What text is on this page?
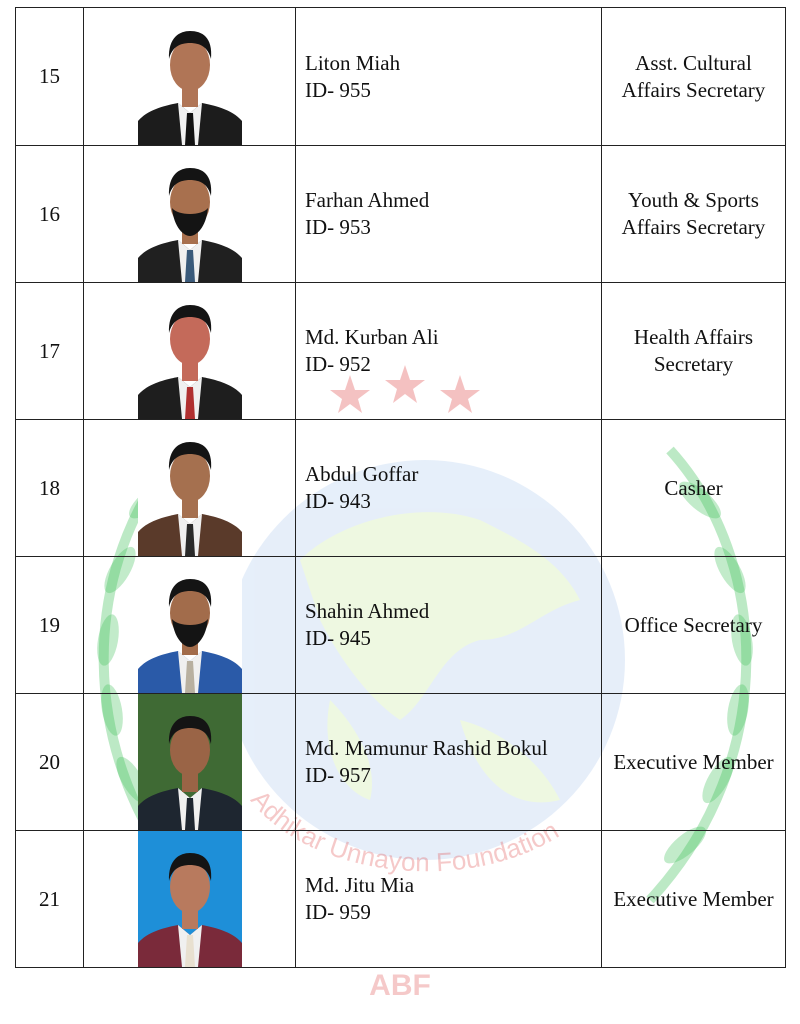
Adhikar Unnayon Foundation
ABF
15		Liton Miah
ID- 955	Asst. Cultural Affairs Secretary
16		Farhan Ahmed
ID- 953	Youth & Sports Affairs Secretary
17		Md. Kurban Ali
ID- 952	Health Affairs Secretary
18		Abdul Goffar
ID- 943	Casher
19		Shahin Ahmed
ID- 945	Office Secretary
20		Md. Mamunur Rashid Bokul
ID- 957	Executive Member
21		Md. Jitu Mia
ID- 959	Executive Member
